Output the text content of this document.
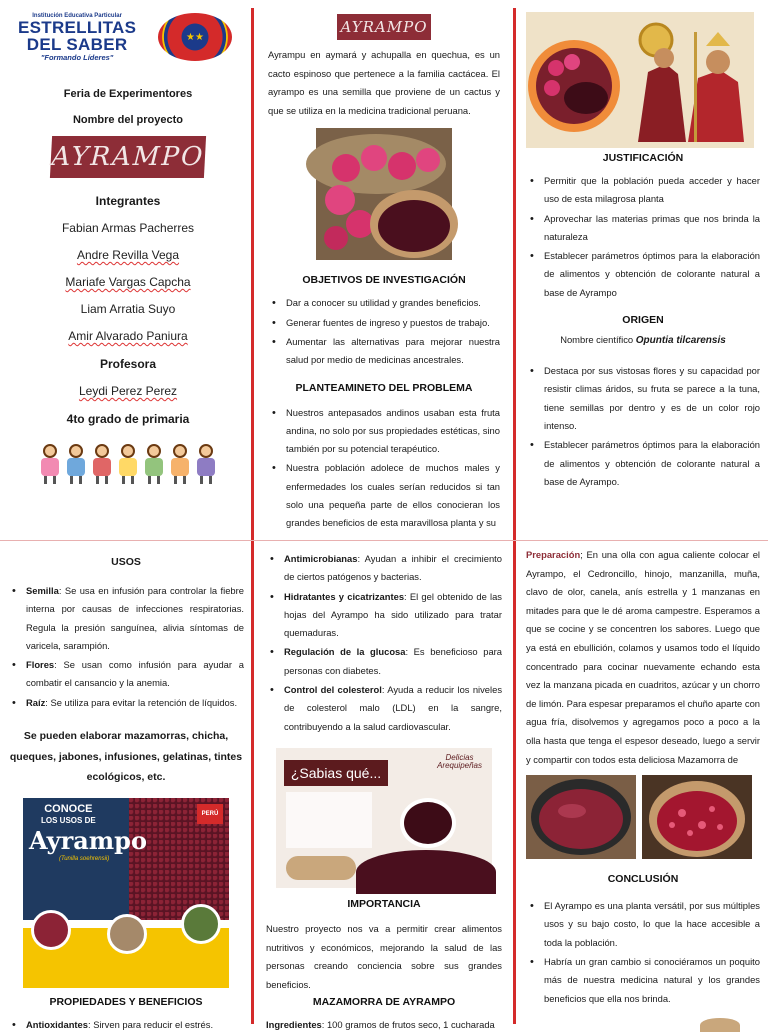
Institución Educativa Particular
ESTRELLITAS
DEL SABER
"Formando Líderes"
★★
Feria de Experimentores
Nombre del proyecto
AYRAMPO
Integrantes
Fabian Armas Pacherres
Andre Revilla Vega
Mariafe Vargas Capcha
Liam Arratia Suyo
Amir Alvarado Paniura
Profesora
Leydi Perez Perez
4to grado de primaria
AYRAMPO

Ayrampu en aymará y achupalla en quechua, es un cacto espinoso que pertenece a la familia cactácea. El ayrampo es una semilla que proviene de un cactus y que se utiliza en la medicina tradicional peruana.

OBJETIVOS DE INVESTIGACIÓN
• Dar a conocer su utilidad y grandes beneficios.
• Generar fuentes de ingreso y puestos de trabajo.
• Aumentar las alternativas para mejorar nuestra salud por medio de medicinas ancestrales.
PLANTEAMINETO DEL PROBLEMA
• Nuestros antepasados andinos usaban esta fruta andina, no solo por sus propiedades estéticas, sino también por su potencial terapéutico.
• Nuestra población adolece de muchos males y enfermedades los cuales serían reducidos si tan solo una pequeña parte de ellos conocieran los grandes beneficios de esta maravillosa planta y su
JUSTIFICACIÓN
• Permitir que la población pueda acceder y hacer uso de esta milagrosa planta
• Aprovechar las materias primas que nos brinda la naturaleza
• Establecer parámetros óptimos para la elaboración de alimentos y obtención de colorante natural a base de Ayrampo
ORIGEN
Nombre científico Opuntia tilcarensis
• Destaca por sus vistosas flores y su capacidad por resistir climas áridos, su fruta se parece a la tuna, tiene semillas por dentro y es de un color rojo intenso.
• Establecer parámetros óptimos para la elaboración de alimentos y obtención de colorante natural a base de Ayrampo.
USOS
• Semilla: Se usa en infusión para controlar la fiebre interna por causas de infecciones respiratorias. Regula la presión sanguínea, alivia síntomas de varicela, sarampión.
• Flores: Se usan como infusión para ayudar a combatir el cansancio y la anemia.
• Raíz: Se utiliza para evitar la retención de líquidos.
Se pueden elaborar mazamorras, chicha, queques, jabones, infusiones, gelatinas, tintes ecológicos, etc.
CONOCE
LOS USOS DE
Ayrampo
(Tunilla soehrensii)
PERÚ
PROPIEDADES Y BENEFICIOS
• Antioxidantes: Sirven para reducir el estrés.
• Antimicrobianas: Ayudan a inhibir el crecimiento de ciertos patógenos y bacterias.
• Hidratantes y cicatrizantes: El gel obtenido de las hojas del Ayrampo ha sido utilizado para tratar quemaduras.
• Regulación de la glucosa: Es beneficioso para personas con diabetes.
• Control del colesterol: Ayuda a reducir los niveles de colesterol malo (LDL) en la sangre, contribuyendo a la salud cardiovascular.
¿Sabias qué...
Delicias
Arequipeñas
IMPORTANCIA

Nuestro proyecto nos va a permitir crear alimentos nutritivos y económicos, mejorando la salud de las personas creando conciencia sobre sus grandes beneficios.

MAZAMORRA DE AYRAMPO

Ingredientes: 100 gramos de frutos seco, 1 cucharada

Preparación; En una olla con agua caliente colocar el Ayrampo, el Cedroncillo, hinojo, manzanilla, muña, clavo de olor, canela, anís estrella y 1 manzanas en mitades para que le dé aroma campestre. Esperamos a que se cocine y se concentren los sabores. Luego que ya está en ebullición, colamos y usamos todo el líquido concentrado para cocinar nuevamente echando esta vez la manzana picada en cuadritos, azúcar y un chorro de limón. Para espesar preparamos el chuño aparte con agua fría, disolvemos y agregamos poco a poco a la olla hasta que tenga el espesor deseado, luego a servir y compartir con todos esta deliciosa Mazamorra de

CONCLUSIÓN
• El Ayrampo es una planta versátil, por sus múltiples usos y su bajo costo, lo que la hace accesible a toda la población.
• Habría un gran cambio si conociéramos un poquito más de nuestra medicina natural y los grandes beneficios que ella nos brinda.
